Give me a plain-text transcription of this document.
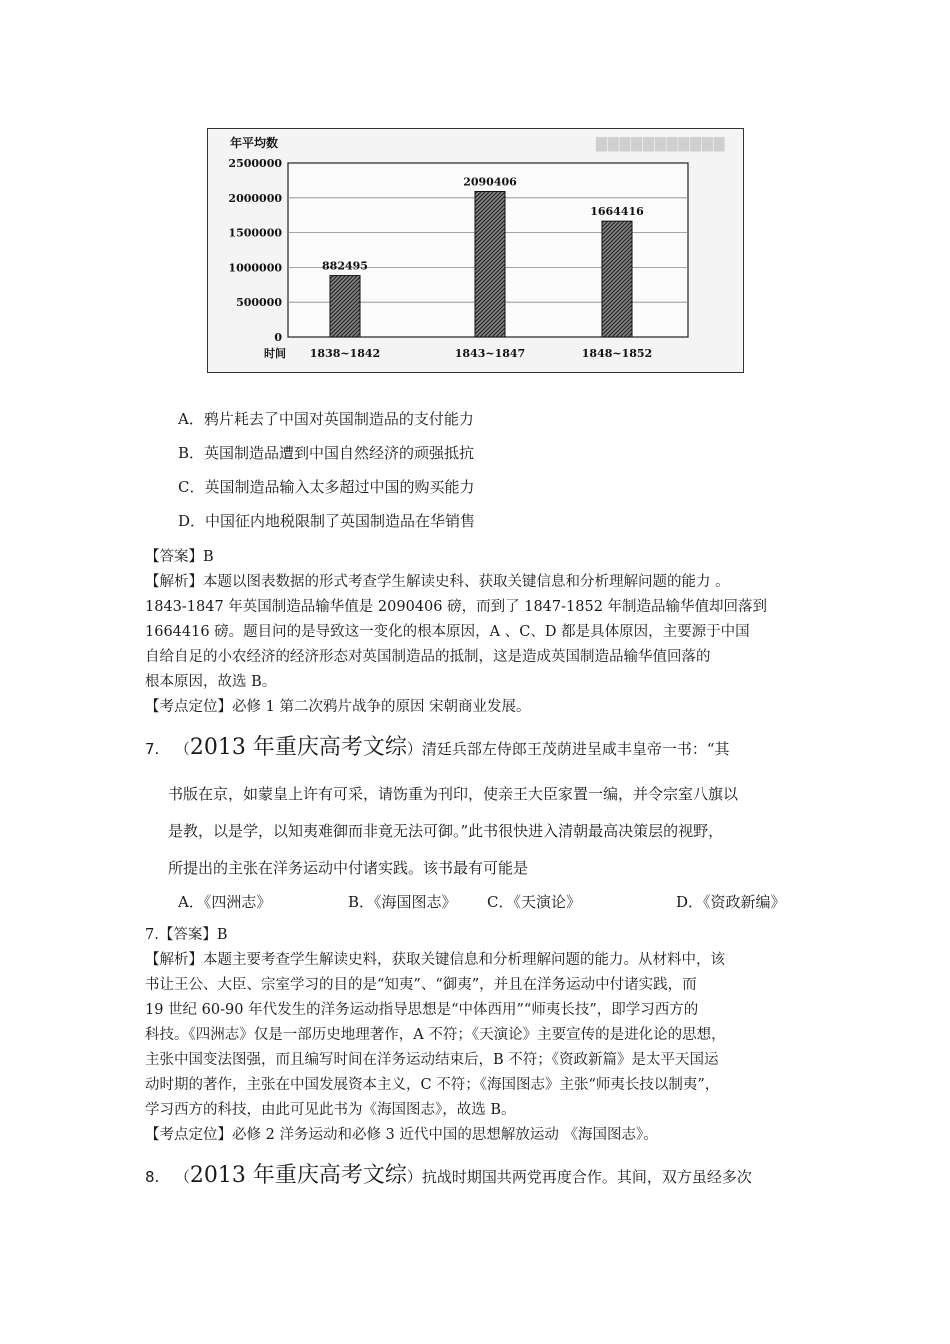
▇▇▇▇▇▇▇▇▇▇▇
0
500000
1000000
1500000
2000000
2500000
年平均数
时间
882495
1838~1842
2090406
1843~1847
1664416
1848~1852
A．鸦片耗去了中国对英国制造品的支付能力
B．英国制造品遭到中国自然经济的顽强抵抗
C．英国制造品输入太多超过中国的购买能力
D．中国征内地税限制了英国制造品在华销售
【答案】B
【解析】本题以图表数据的形式考查学生解读史科、获取关键信息和分析理解问题的能力 。
1843-1847 年英国制造品输华值是 2090406 磅，而到了 1847-1852 年制造品输华值却回落到
1664416 磅。题目问的是导致这一变化的根本原因，A 、C、D 都是具体原因，主要源于中国
自给自足的小农经济的经济形态对英国制造品的抵制，这是造成英国制造品输华值回落的
根本原因，故选 B。
【考点定位】必修 1 第二次鸦片战争的原因 宋朝商业发展。
7. （2013 年重庆高考文综）清廷兵部左侍郎王茂荫进呈咸丰皇帝一书：“其
书版在京，如蒙皇上许有可采，请饬重为刊印，使亲王大臣家置一编，并令宗室八旗以
是教，以是学，以知夷难御而非竟无法可御。”此书很快进入清朝最高决策层的视野，
所提出的主张在洋务运动中付诸实践。该书最有可能是
A．《四洲志》	B．《海国图志》 C．《天演论》	D．《资政新编》
7.【答案】B
【解析】本题主要考查学生解读史料，获取关键信息和分析理解问题的能力。从材料中，该
书让王公、大臣、宗室学习的目的是“知夷”、“御夷”，并且在洋务运动中付诸实践，而
19 世纪 60-90 年代发生的洋务运动指导思想是“中体西用”“师夷长技”，即学习西方的
科技。《四洲志》仅是一部历史地理著作，A 不符；《天演论》主要宣传的是进化论的思想，
主张中国变法图强，而且编写时间在洋务运动结束后，B 不符；《资政新篇》是太平天国运
动时期的著作，主张在中国发展资本主义，C 不符；《海国图志》主张“师夷长技以制夷”，
学习西方的科技，由此可见此书为《海国图志》，故选 B。
【考点定位】必修 2 洋务运动和必修 3 近代中国的思想解放运动 《海国图志》。
8. （2013 年重庆高考文综）抗战时期国共两党再度合作。其间，双方虽经多次
